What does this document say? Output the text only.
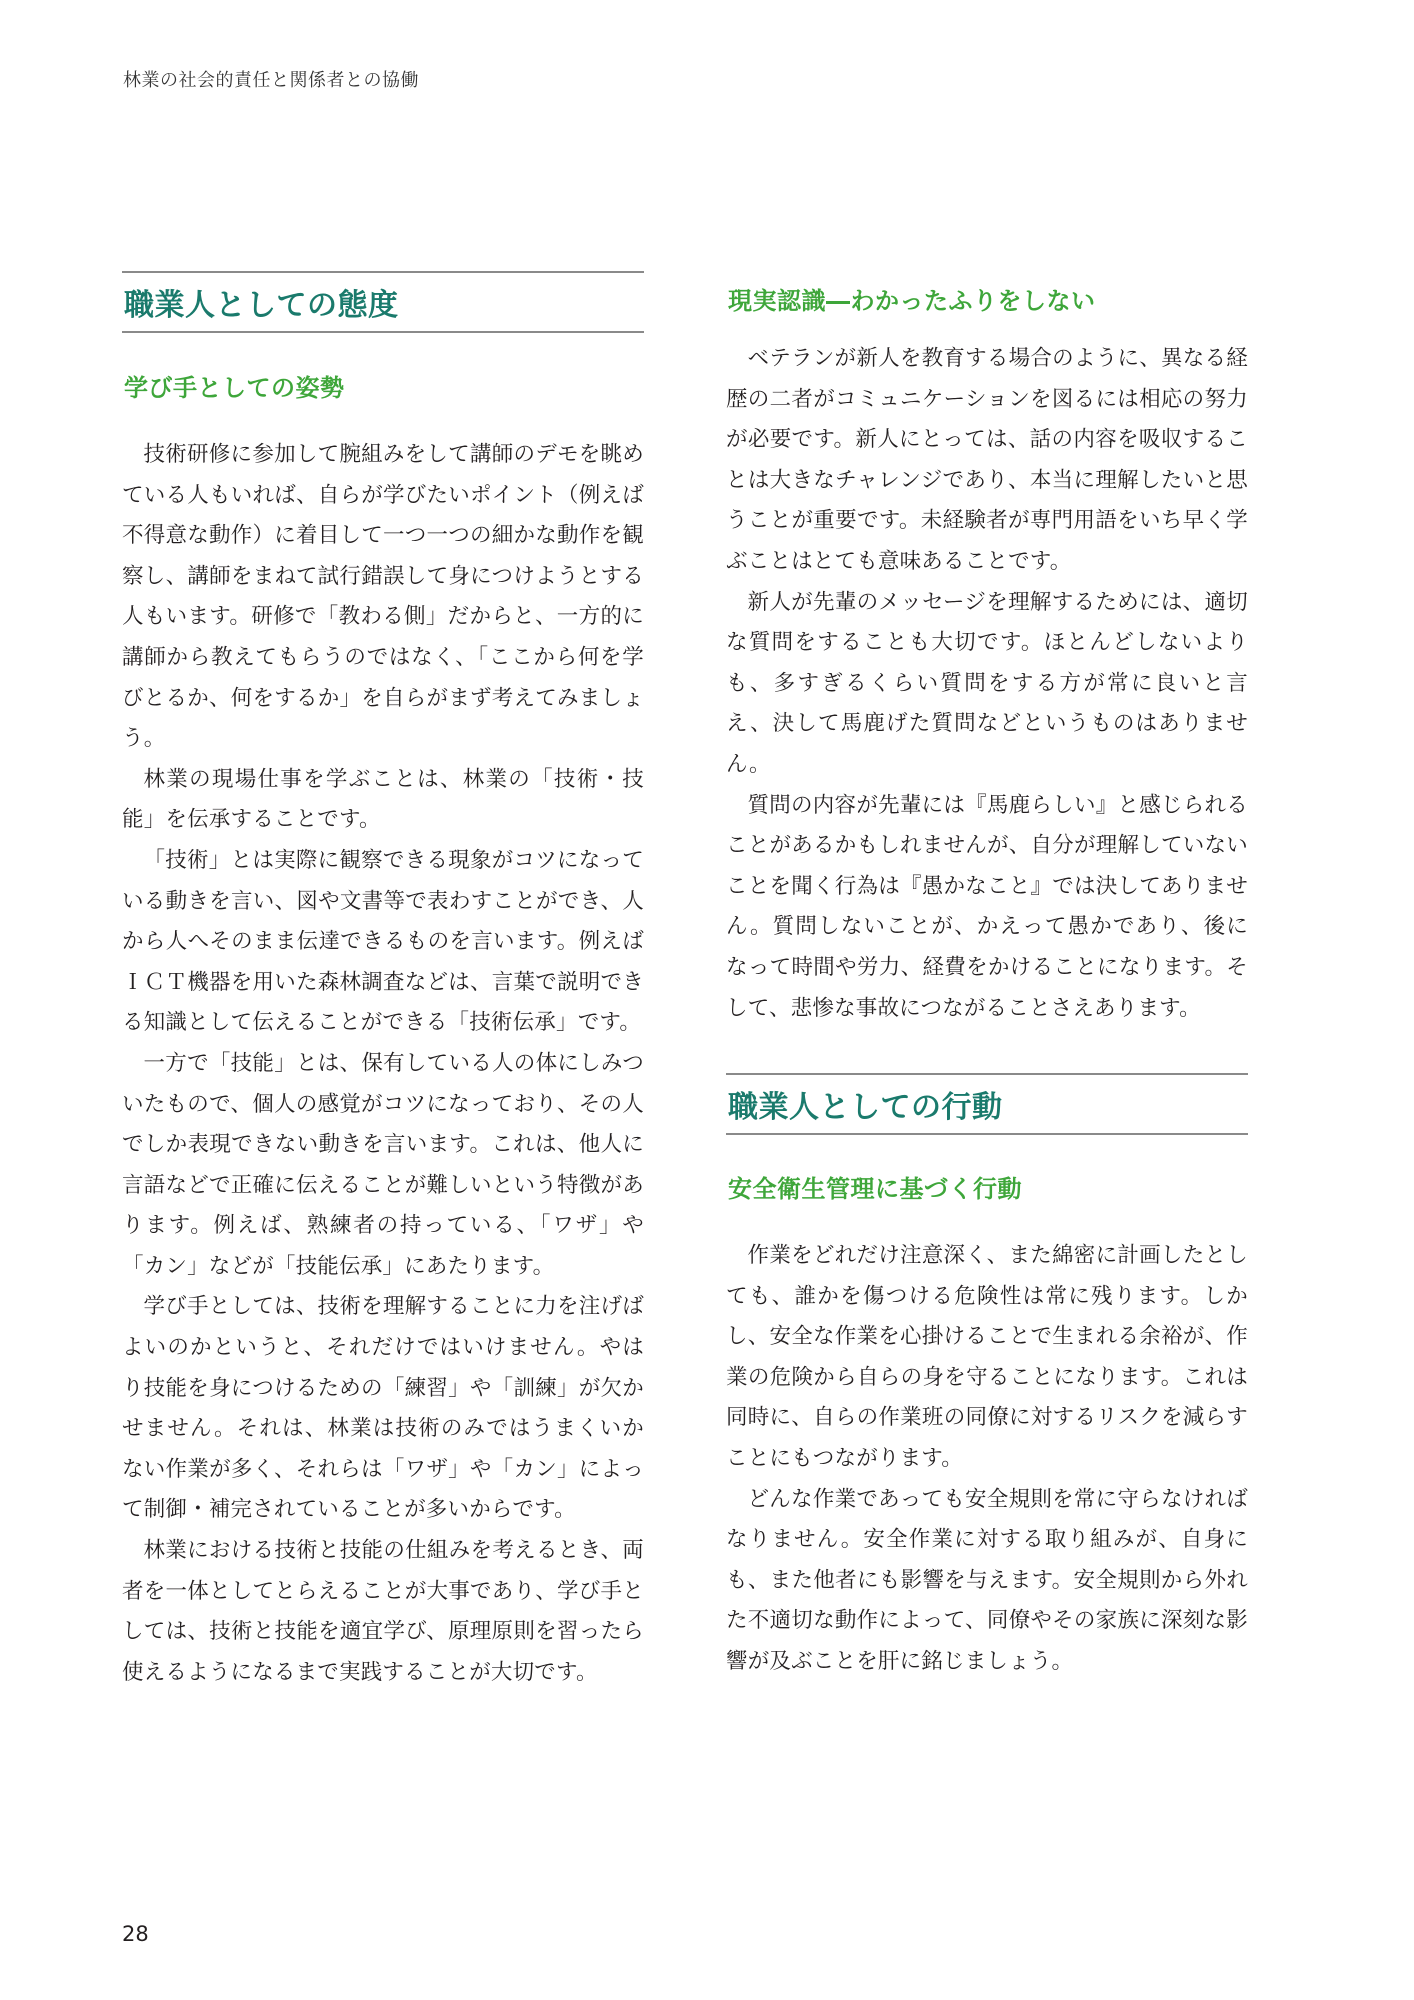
林業の社会的責任と関係者との協働
職業人としての態度
学び手としての姿勢

技術研修に参加して腕組みをして講師のデモを眺めている人もいれば、自らが学びたいポイント（例えば不得意な動作）に着目して一つ一つの細かな動作を観察し、講師をまねて試行錯誤して身につけようとする人もいます。研修で「教わる側」だからと、一方的に講師から教えてもらうのではなく、「ここから何を学びとるか、何をするか」を自らがまず考えてみましょう。

林業の現場仕事を学ぶことは、林業の「技術・技能」を伝承することです。

「技術」とは実際に観察できる現象がコツになっている動きを言い、図や文書等で表わすことができ、人から人へそのまま伝達できるものを言います。例えばＩＣＴ機器を用いた森林調査などは、言葉で説明できる知識として伝えることができる「技術伝承」です。

一方で「技能」とは、保有している人の体にしみついたもので、個人の感覚がコツになっており、その人でしか表現できない動きを言います。これは、他人に言語などで正確に伝えることが難しいという特徴があります。例えば、熟練者の持っている、「ワザ」や「カン」などが「技能伝承」にあたります。

学び手としては、技術を理解することに力を注げばよいのかというと、それだけではいけません。やはり技能を身につけるための「練習」や「訓練」が欠かせません。それは、林業は技術のみではうまくいかない作業が多く、それらは「ワザ」や「カン」によって制御・補完されていることが多いからです。

林業における技術と技能の仕組みを考えるとき、両者を一体としてとらえることが大事であり、学び手としては、技術と技能を適宜学び、原理原則を習ったら使えるようになるまで実践することが大切です。

現実認識―わかったふりをしない

ベテランが新人を教育する場合のように、異なる経歴の二者がコミュニケーションを図るには相応の努力が必要です。新人にとっては、話の内容を吸収することは大きなチャレンジであり、本当に理解したいと思うことが重要です。未経験者が専門用語をいち早く学ぶことはとても意味あることです。

新人が先輩のメッセージを理解するためには、適切な質問をすることも大切です。ほとんどしないよりも、多すぎるくらい質問をする方が常に良いと言え、決して馬鹿げた質問などというものはありません。

質問の内容が先輩には『馬鹿らしい』と感じられることがあるかもしれませんが、自分が理解していないことを聞く行為は『愚かなこと』では決してありません。質問しないことが、かえって愚かであり、後になって時間や労力、経費をかけることになります。そして、悲惨な事故につながることさえあります。

職業人としての行動
安全衛生管理に基づく行動

作業をどれだけ注意深く、また綿密に計画したとしても、誰かを傷つける危険性は常に残ります。しかし、安全な作業を心掛けることで生まれる余裕が、作業の危険から自らの身を守ることになります。これは同時に、自らの作業班の同僚に対するリスクを減らすことにもつながります。

どんな作業であっても安全規則を常に守らなければなりません。安全作業に対する取り組みが、自身にも、また他者にも影響を与えます。安全規則から外れた不適切な動作によって、同僚やその家族に深刻な影響が及ぶことを肝に銘じましょう。

28
